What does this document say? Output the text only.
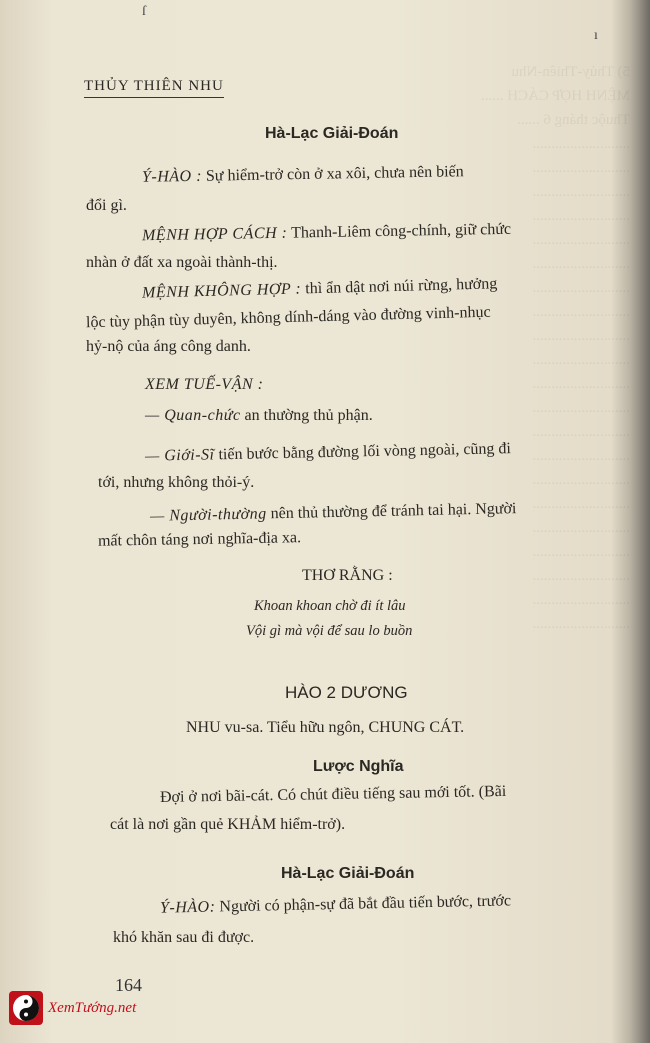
5) Thủy-Thiên-Nhu
MỆNH HỢP CÁCH ......
Thuộc tháng 6 ......
..........................
..........................
..........................
..........................
..........................
..........................
..........................
..........................
..........................
..........................
..........................
..........................
..........................
..........................
..........................
..........................
..........................
..........................
..........................
..........................
..........................
ſ
ı
THỦY THIÊN NHU
Hà-Lạc Giải-Đoán
Ý-HÀO : Sự hiểm-trở còn ở xa xôi, chưa nên biến
đổi gì.
MỆNH HỢP CÁCH : Thanh-Liêm công-chính, giữ chức
nhàn ở đất xa ngoài thành-thị.
MỆNH KHÔNG HỢP : thì ẩn dật nơi núi rừng, hưởng
lộc tùy phận tùy duyên, không dính-dáng vào đường vinh-nhục
hỷ-nộ của áng công danh.
XEM TUẾ-VẬN :
— Quan-chức an thường thủ phận.
— Giới-Sĩ tiến bước bằng đường lối vòng ngoài, cũng đi
tới, nhưng không thỏi-ý.
— Người-thường nên thủ thường để tránh tai hại. Người
mất chôn táng nơi nghĩa-địa xa.
THƠ RẰNG :
Khoan khoan chờ đi ít lâu
Vội gì mà vội để sau lo buồn
HÀO 2 DƯƠNG
NHU vu-sa. Tiểu hữu ngôn, CHUNG CÁT.
Lược Nghĩa
Đợi ở nơi bãi-cát. Có chút điều tiếng sau mới tốt. (Bãi
cát là nơi gần quẻ KHẢM hiểm-trở).
Hà-Lạc Giải-Đoán
Ý-HÀO: Người có phận-sự đã bắt đầu tiến bước, trước
khó khăn sau đi được.
164
XemTướng.net
